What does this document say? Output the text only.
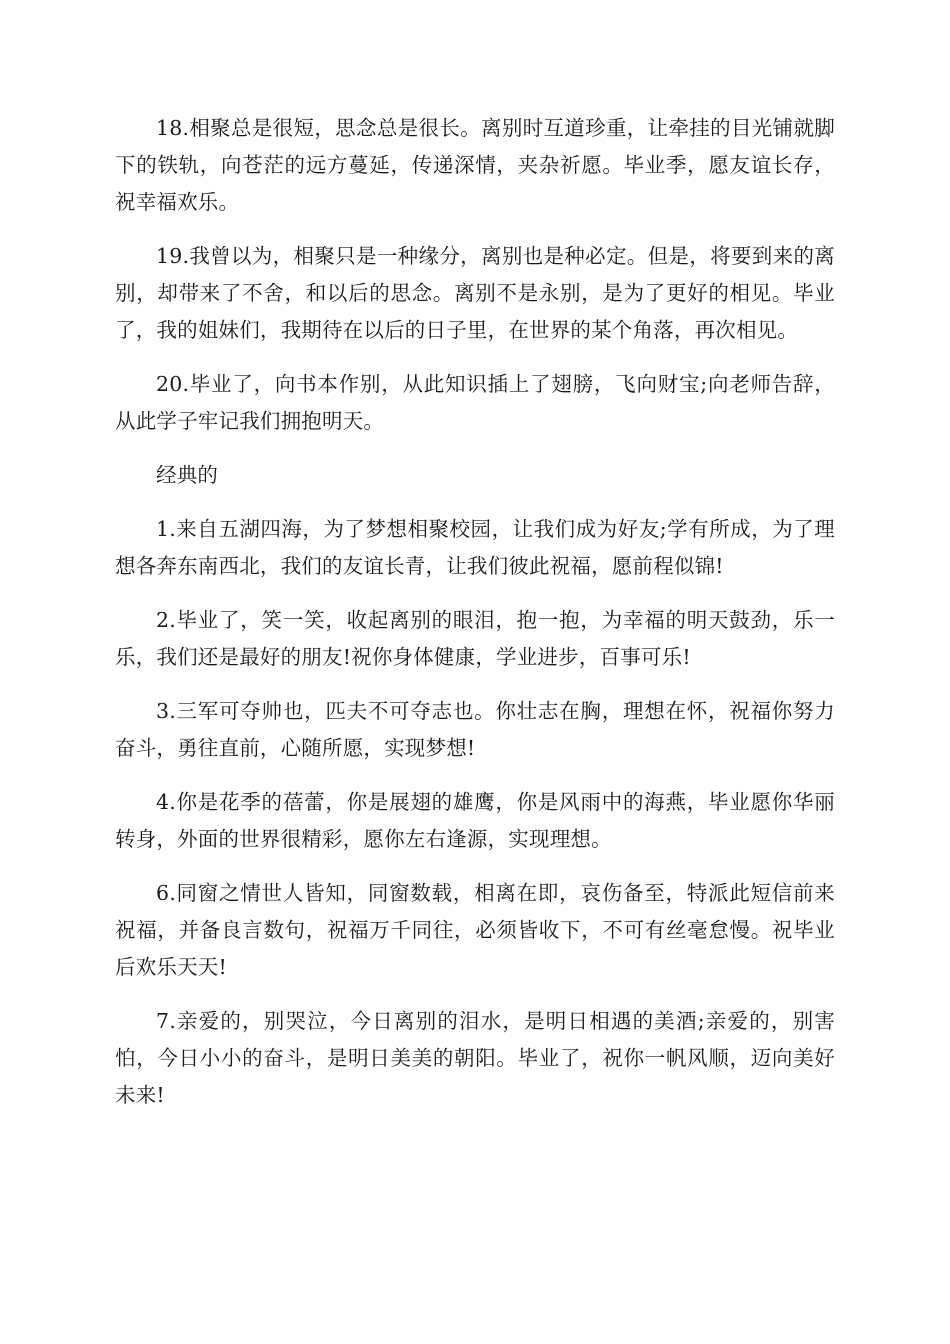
18.相聚总是很短，思念总是很长。离别时互道珍重，让牵挂的目光铺就脚下的铁轨，向苍茫的远方蔓延，传递深情，夹杂祈愿。毕业季，愿友谊长存，祝幸福欢乐。

19.我曾以为，相聚只是一种缘分，离别也是种必定。但是，将要到来的离别，却带来了不舍，和以后的思念。离别不是永别，是为了更好的相见。毕业了，我的姐妹们，我期待在以后的日子里，在世界的某个角落，再次相见。

20.毕业了，向书本作别，从此知识插上了翅膀，飞向财宝;向老师告辞，从此学子牢记我们拥抱明天。

经典的

1.来自五湖四海，为了梦想相聚校园，让我们成为好友;学有所成，为了理想各奔东南西北，我们的友谊长青，让我们彼此祝福，愿前程似锦!

2.毕业了，笑一笑，收起离别的眼泪，抱一抱，为幸福的明天鼓劲，乐一乐，我们还是最好的朋友!祝你身体健康，学业进步，百事可乐!

3.三军可夺帅也，匹夫不可夺志也。你壮志在胸，理想在怀，祝福你努力奋斗，勇往直前，心随所愿，实现梦想!

4.你是花季的蓓蕾，你是展翅的雄鹰，你是风雨中的海燕，毕业愿你华丽转身，外面的世界很精彩，愿你左右逢源，实现理想。

6.同窗之情世人皆知，同窗数载，相离在即，哀伤备至，特派此短信前来祝福，并备良言数句，祝福万千同往，必须皆收下，不可有丝毫怠慢。祝毕业后欢乐天天!

7.亲爱的，别哭泣，今日离别的泪水，是明日相遇的美酒;亲爱的，别害怕，今日小小的奋斗，是明日美美的朝阳。毕业了，祝你一帆风顺，迈向美好未来!
